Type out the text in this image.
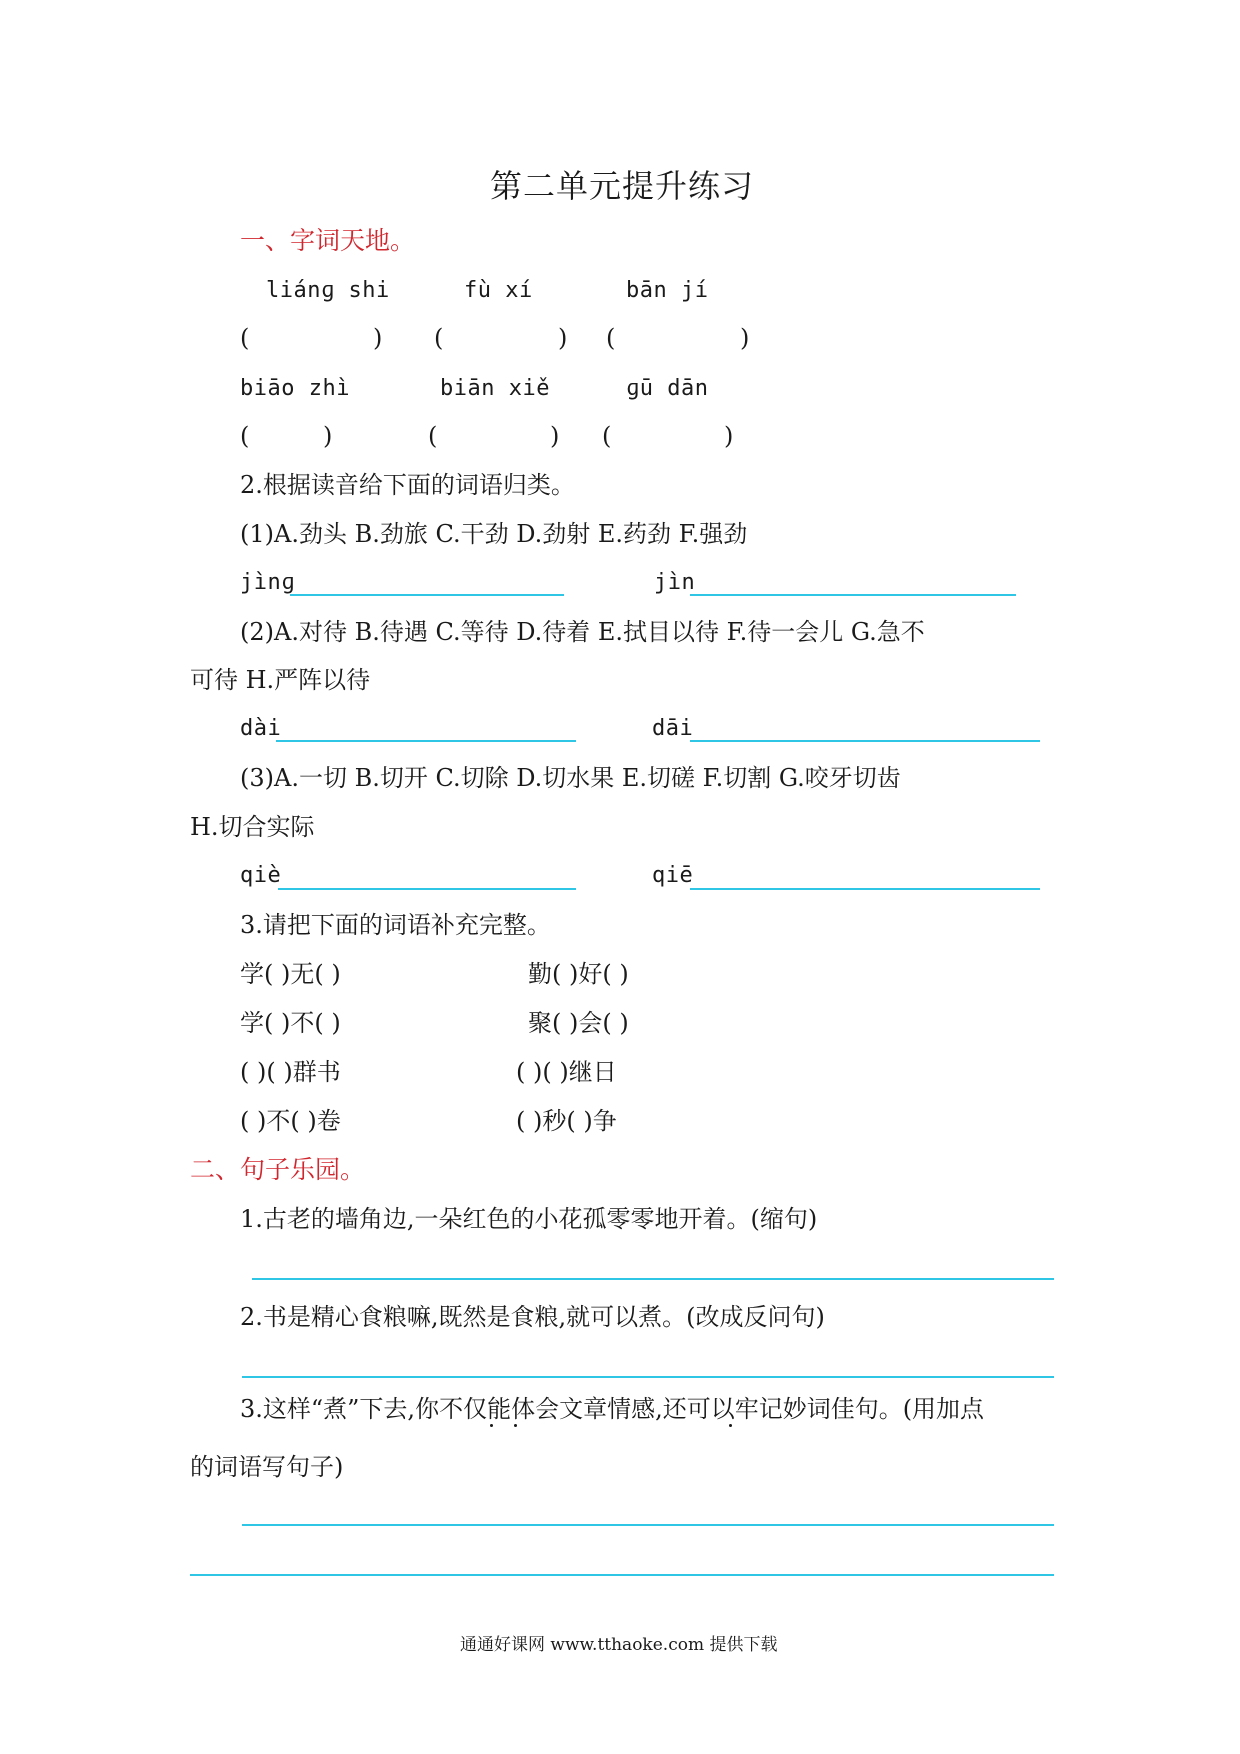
第二单元提升练习
一、字词天地。
liánɡ shi	fù xí	bān jí
(	) (	) (	)
biāo zhì	biān xiě	ɡū dān
(	)	(	) (	)
2.根据读音给下面的词语归类。
(1)A.劲头 B.劲旅 C.干劲 D.劲射 E.药劲 F.强劲
jìnɡ	jìn
(2)A.对待 B.待遇 C.等待 D.待着 E.拭目以待 F.待一会儿 G.急不
可待 H.严阵以待
dài	dāi
(3)A.一切 B.切开 C.切除 D.切水果 E.切磋 F.切割 G.咬牙切齿
H.切合实际
qiè	qiē
3.请把下面的词语补充完整。
学( )无( )	勤( )好( )
学( )不( )	聚( )会( )
( )( )群书	( )( )继日
( )不( )卷	( )秒( )争
二、句子乐园。
1.古老的墙角边,一朵红色的小花孤零零地开着。(缩句)
2.书是精心食粮嘛,既然是食粮,就可以煮。(改成反问句)
3.这样“煮”下去,你不仅能体会文章情感,还可以牢记妙词佳句。(用加点
的词语写句子)
通通好课网 www.tthaoke.com 提供下载
